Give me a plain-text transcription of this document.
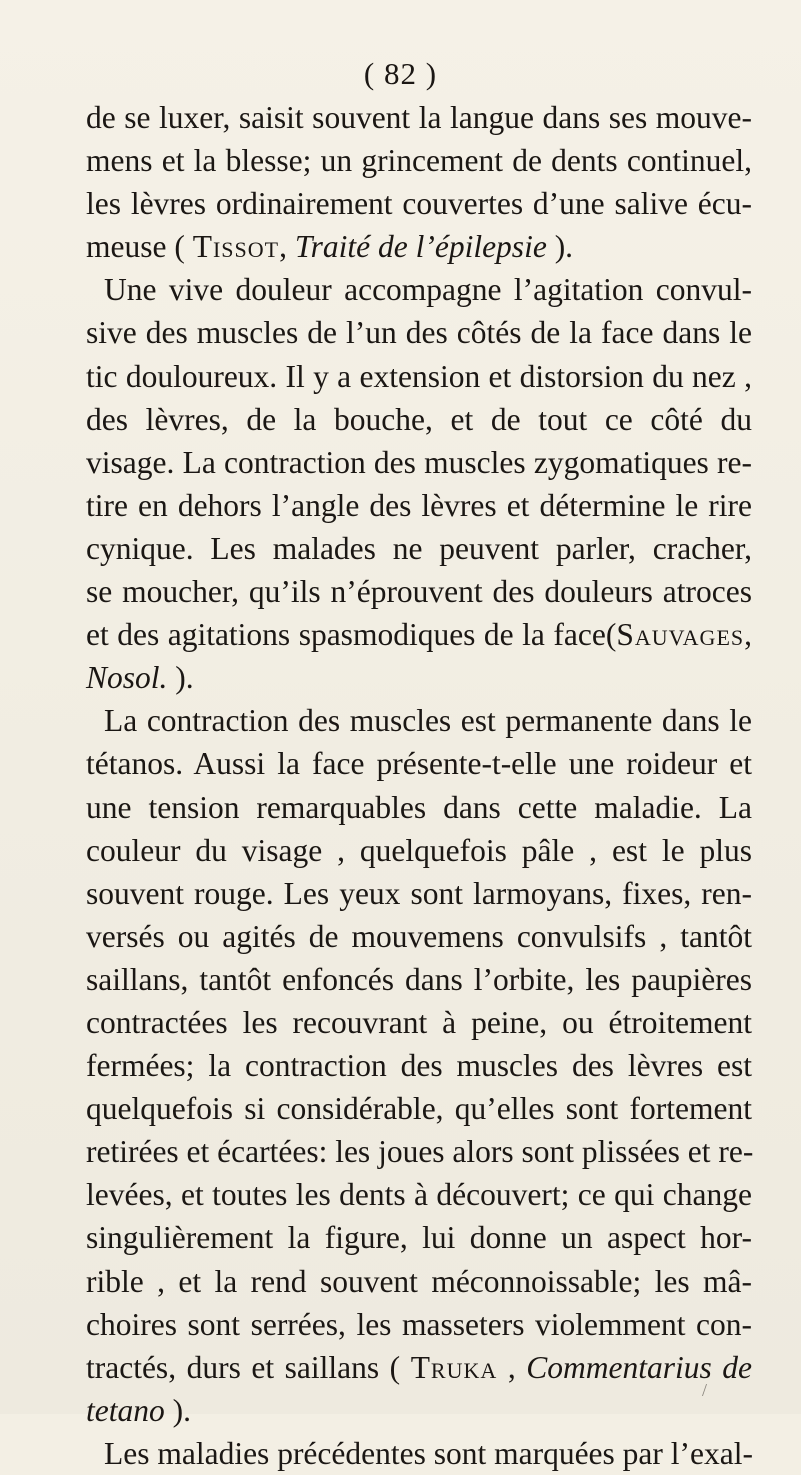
( 82 )
de se luxer, saisit souvent la langue dans ses mouve-
mens et la blesse; un grincement de dents continuel,
les lèvres ordinairement couvertes d’une salive écu-
meuse ( Tissot, Traité de l’épilepsie ).
Une vive douleur accompagne l’agitation convul-
sive des muscles de l’un des côtés de la face dans le
tic douloureux. Il y a extension et distorsion du nez ,
des lèvres, de la bouche, et de tout ce côté du
visage. La contraction des muscles zygomatiques re-
tire en dehors l’angle des lèvres et détermine le rire
cynique. Les malades ne peuvent parler, cracher,
se moucher, qu’ils n’éprouvent des douleurs atroces
et des agitations spasmodiques de la face(Sauvages,
Nosol. ).
La contraction des muscles est permanente dans le
tétanos. Aussi la face présente-t-elle une roideur et
une tension remarquables dans cette maladie. La
couleur du visage , quelquefois pâle , est le plus
souvent rouge. Les yeux sont larmoyans, fixes, ren-
versés ou agités de mouvemens convulsifs , tantôt
saillans, tantôt enfoncés dans l’orbite, les paupières
contractées les recouvrant à peine, ou étroitement
fermées; la contraction des muscles des lèvres est
quelquefois si considérable, qu’elles sont fortement
retirées et écartées: les joues alors sont plissées et re-
levées, et toutes les dents à découvert; ce qui change
singulièrement la figure, lui donne un aspect hor-
rible , et la rend souvent méconnoissable; les mâ-
choires sont serrées, les masseters violemment con-
tractés, durs et saillans ( Truka , Commentarius de
tetano ).
Les maladies précédentes sont marquées par l’exal-
/
